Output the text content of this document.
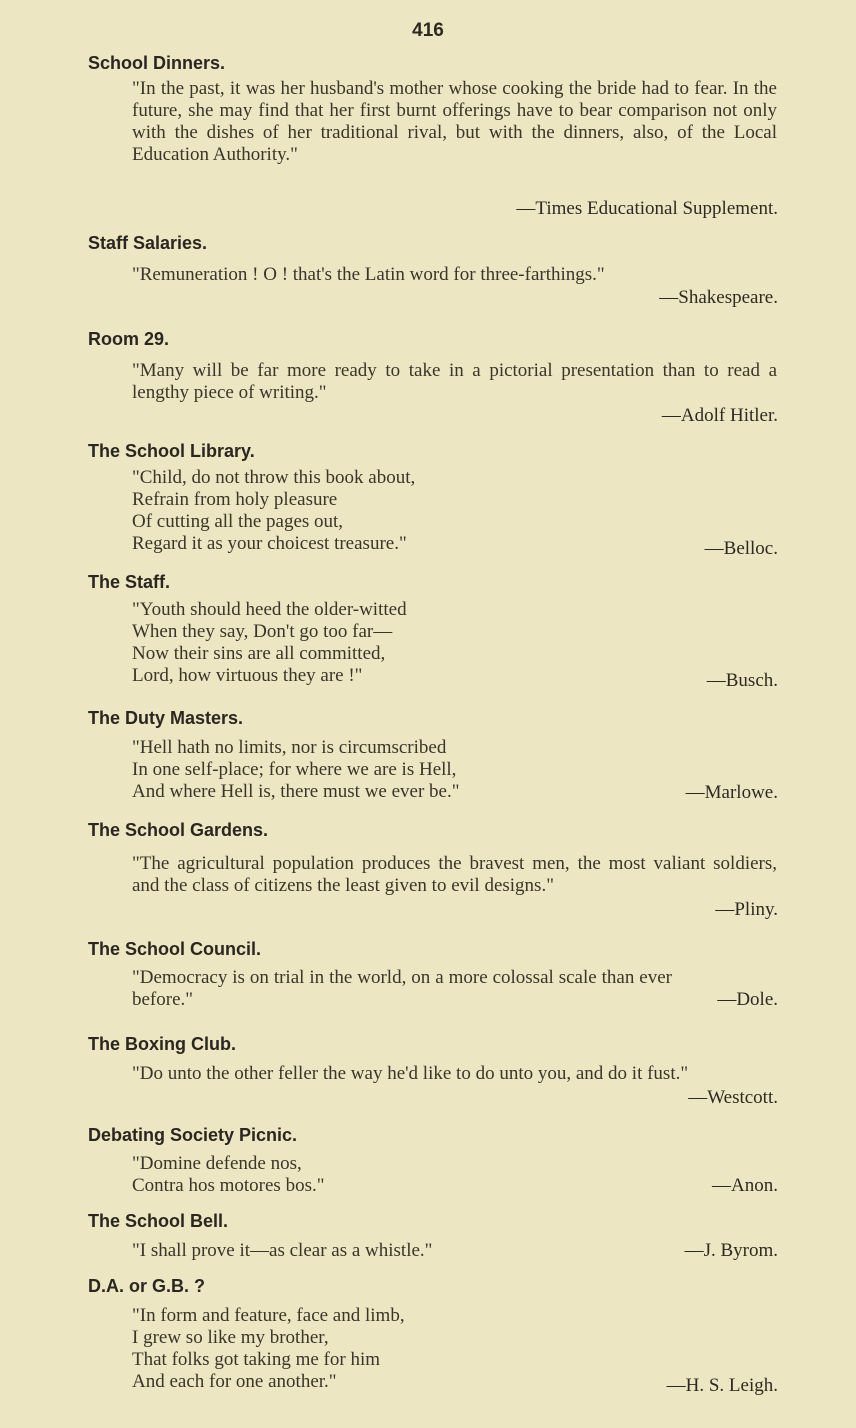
416
School Dinners.
"In the past, it was her husband's mother whose cooking the bride had to fear. In the future, she may find that her first burnt offerings have to bear comparison not only with the dishes of her traditional rival, but with the dinners, also, of the Local Education Authority."
—Times Educational Supplement.
Staff Salaries.
"Remuneration ! O ! that's the Latin word for three-farthings."
—Shakespeare.
Room 29.
"Many will be far more ready to take in a pictorial presentation than to read a lengthy piece of writing."
—Adolf Hitler.
The School Library.
"Child, do not throw this book about,
Refrain from holy pleasure
Of cutting all the pages out,
Regard it as your choicest treasure."	—Belloc.
The Staff.
"Youth should heed the older-witted
When they say, Don't go too far—
Now their sins are all committed,
Lord, how virtuous they are !"	—Busch.
The Duty Masters.
"Hell hath no limits, nor is circumscribed
In one self-place; for where we are is Hell,
And where Hell is, there must we ever be."	—Marlowe.
The School Gardens.
"The agricultural population produces the bravest men, the most valiant soldiers, and the class of citizens the least given to evil designs."
—Pliny.
The School Council.
"Democracy is on trial in the world, on a more colossal scale than ever before."	—Dole.
The Boxing Club.
"Do unto the other feller the way he'd like to do unto you, and do it fust."
—Westcott.
Debating Society Picnic.
"Domine defende nos,
Contra hos motores bos."	—Anon.
The School Bell.
"I shall prove it—as clear as a whistle."	—J. Byrom.
D.A. or G.B. ?
"In form and feature, face and limb,
I grew so like my brother,
That folks got taking me for him
And each for one another."	—H. S. Leigh.
